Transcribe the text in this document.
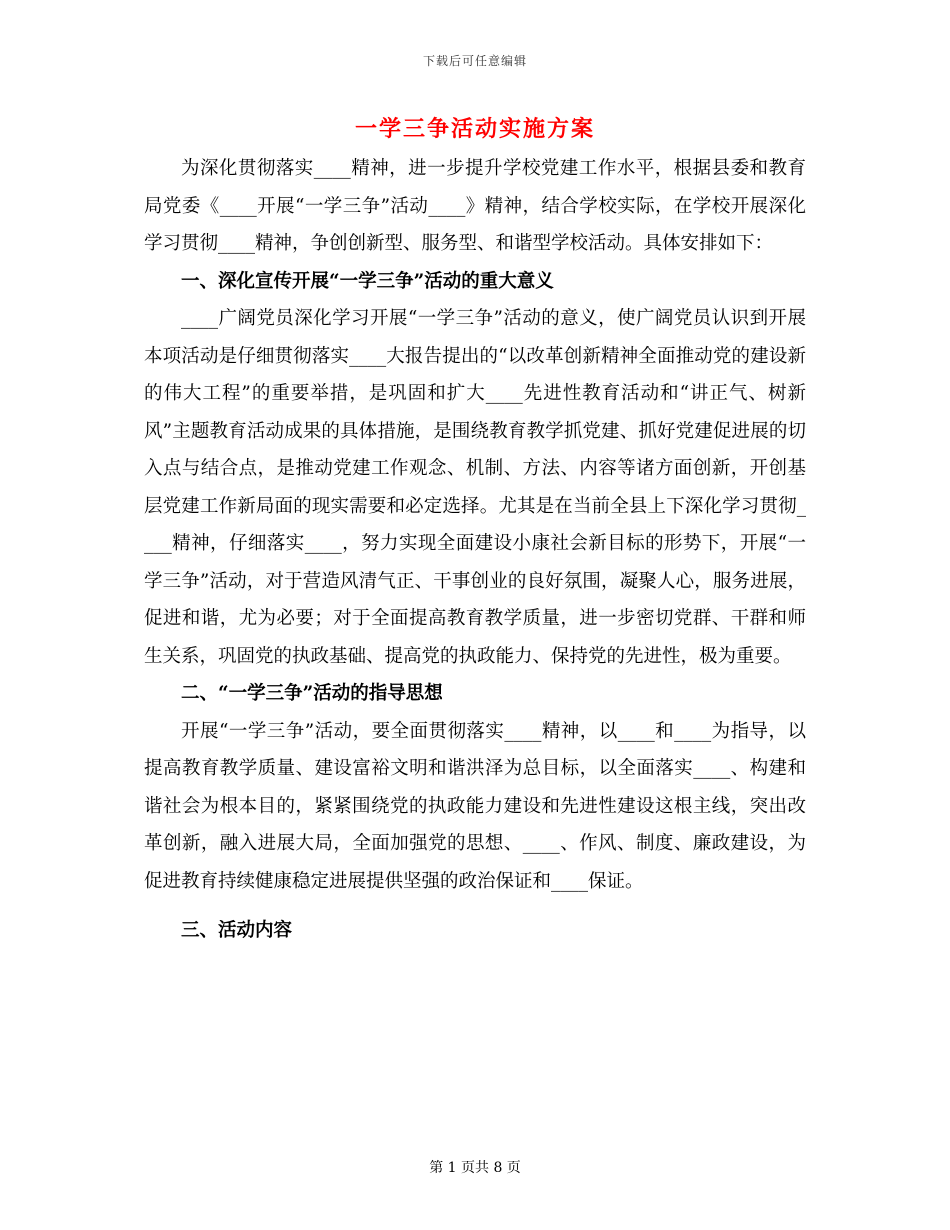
下载后可任意编辑
一学三争活动实施方案

为深化贯彻落实____精神，进一步提升学校党建工作水平，根据县委和教育局党委《____开展“一学三争”活动____》精神，结合学校实际，在学校开展深化学习贯彻____精神，争创创新型、服务型、和谐型学校活动。具体安排如下：

一、深化宣传开展“一学三争”活动的重大意义

____广阔党员深化学习开展“一学三争”活动的意义，使广阔党员认识到开展本项活动是仔细贯彻落实____大报告提出的“以改革创新精神全面推动党的建设新的伟大工程”的重要举措，是巩固和扩大____先进性教育活动和“讲正气、树新风”主题教育活动成果的具体措施，是围绕教育教学抓党建、抓好党建促进展的切入点与结合点，是推动党建工作观念、机制、方法、内容等诸方面创新，开创基层党建工作新局面的现实需要和必定选择。尤其是在当前全县上下深化学习贯彻____精神，仔细落实____，努力实现全面建设小康社会新目标的形势下，开展“一学三争”活动，对于营造风清气正、干事创业的良好氛围，凝聚人心，服务进展，促进和谐，尤为必要；对于全面提高教育教学质量，进一步密切党群、干群和师生关系，巩固党的执政基础、提高党的执政能力、保持党的先进性，极为重要。

二、“一学三争”活动的指导思想

开展“一学三争”活动，要全面贯彻落实____精神，以____和____为指导，以提高教育教学质量、建设富裕文明和谐洪泽为总目标，以全面落实____、构建和谐社会为根本目的，紧紧围绕党的执政能力建设和先进性建设这根主线，突出改革创新，融入进展大局，全面加强党的思想、____、作风、制度、廉政建设，为促进教育持续健康稳定进展提供坚强的政治保证和____保证。

三、活动内容

第 1 页共 8 页
